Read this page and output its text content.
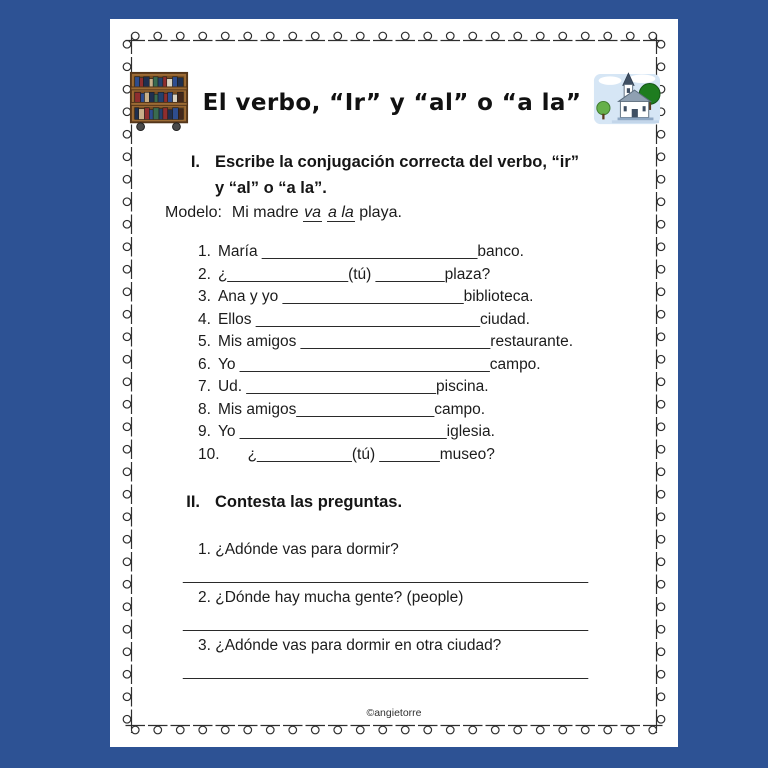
El verbo, “Ir” y “al” o “a la”
I. Escribe la conjugación correcta del verbo, “ir”
y “al” o “a la”.
Modelo: Mi madre va a la playa.
1. María _________________________banco.
2. ¿______________(tú) ________plaza?
3. Ana y yo _____________________biblioteca.
4. Ellos __________________________ciudad.
5. Mis amigos ______________________restaurante.
6. Yo _____________________________campo.
7. Ud. ______________________piscina.
8. Mis amigos________________campo.
9. Yo ________________________iglesia.
10. ¿___________(tú) _______museo?
II. Contesta las preguntas.
1. ¿Adónde vas para dormir?
_______________________________________________
2. ¿Dónde hay mucha gente? (people)
_______________________________________________
3. ¿Adónde vas para dormir en otra ciudad?
_______________________________________________
©angietorre
